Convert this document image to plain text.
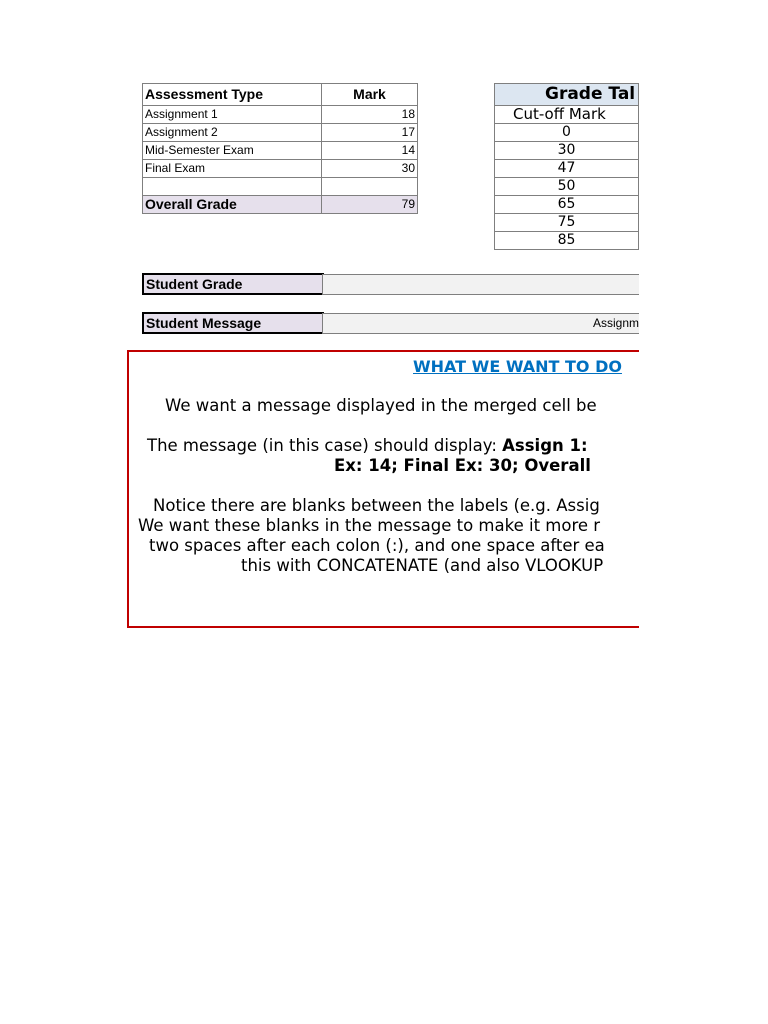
Assessment Type	Mark
Assignment 1	18
Assignment 2	17
Mid-Semester Exam	14
Final Exam	30

Overall Grade	79
Grade Tal
Cut-off Mark
0
30
47
50
65
75
85
Student Grade
Student Message	Assignm
WHAT WE WANT TO DO
We want a message displayed in the merged cell be
The message (in this case) should display: Assign 1:
Ex: 14; Final Ex: 30; Overall
Notice there are blanks between the labels (e.g. Assig
We want these blanks in the message to make it more r
two spaces after each colon (:), and one space after ea
this with CONCATENATE (and also VLOOKUP
